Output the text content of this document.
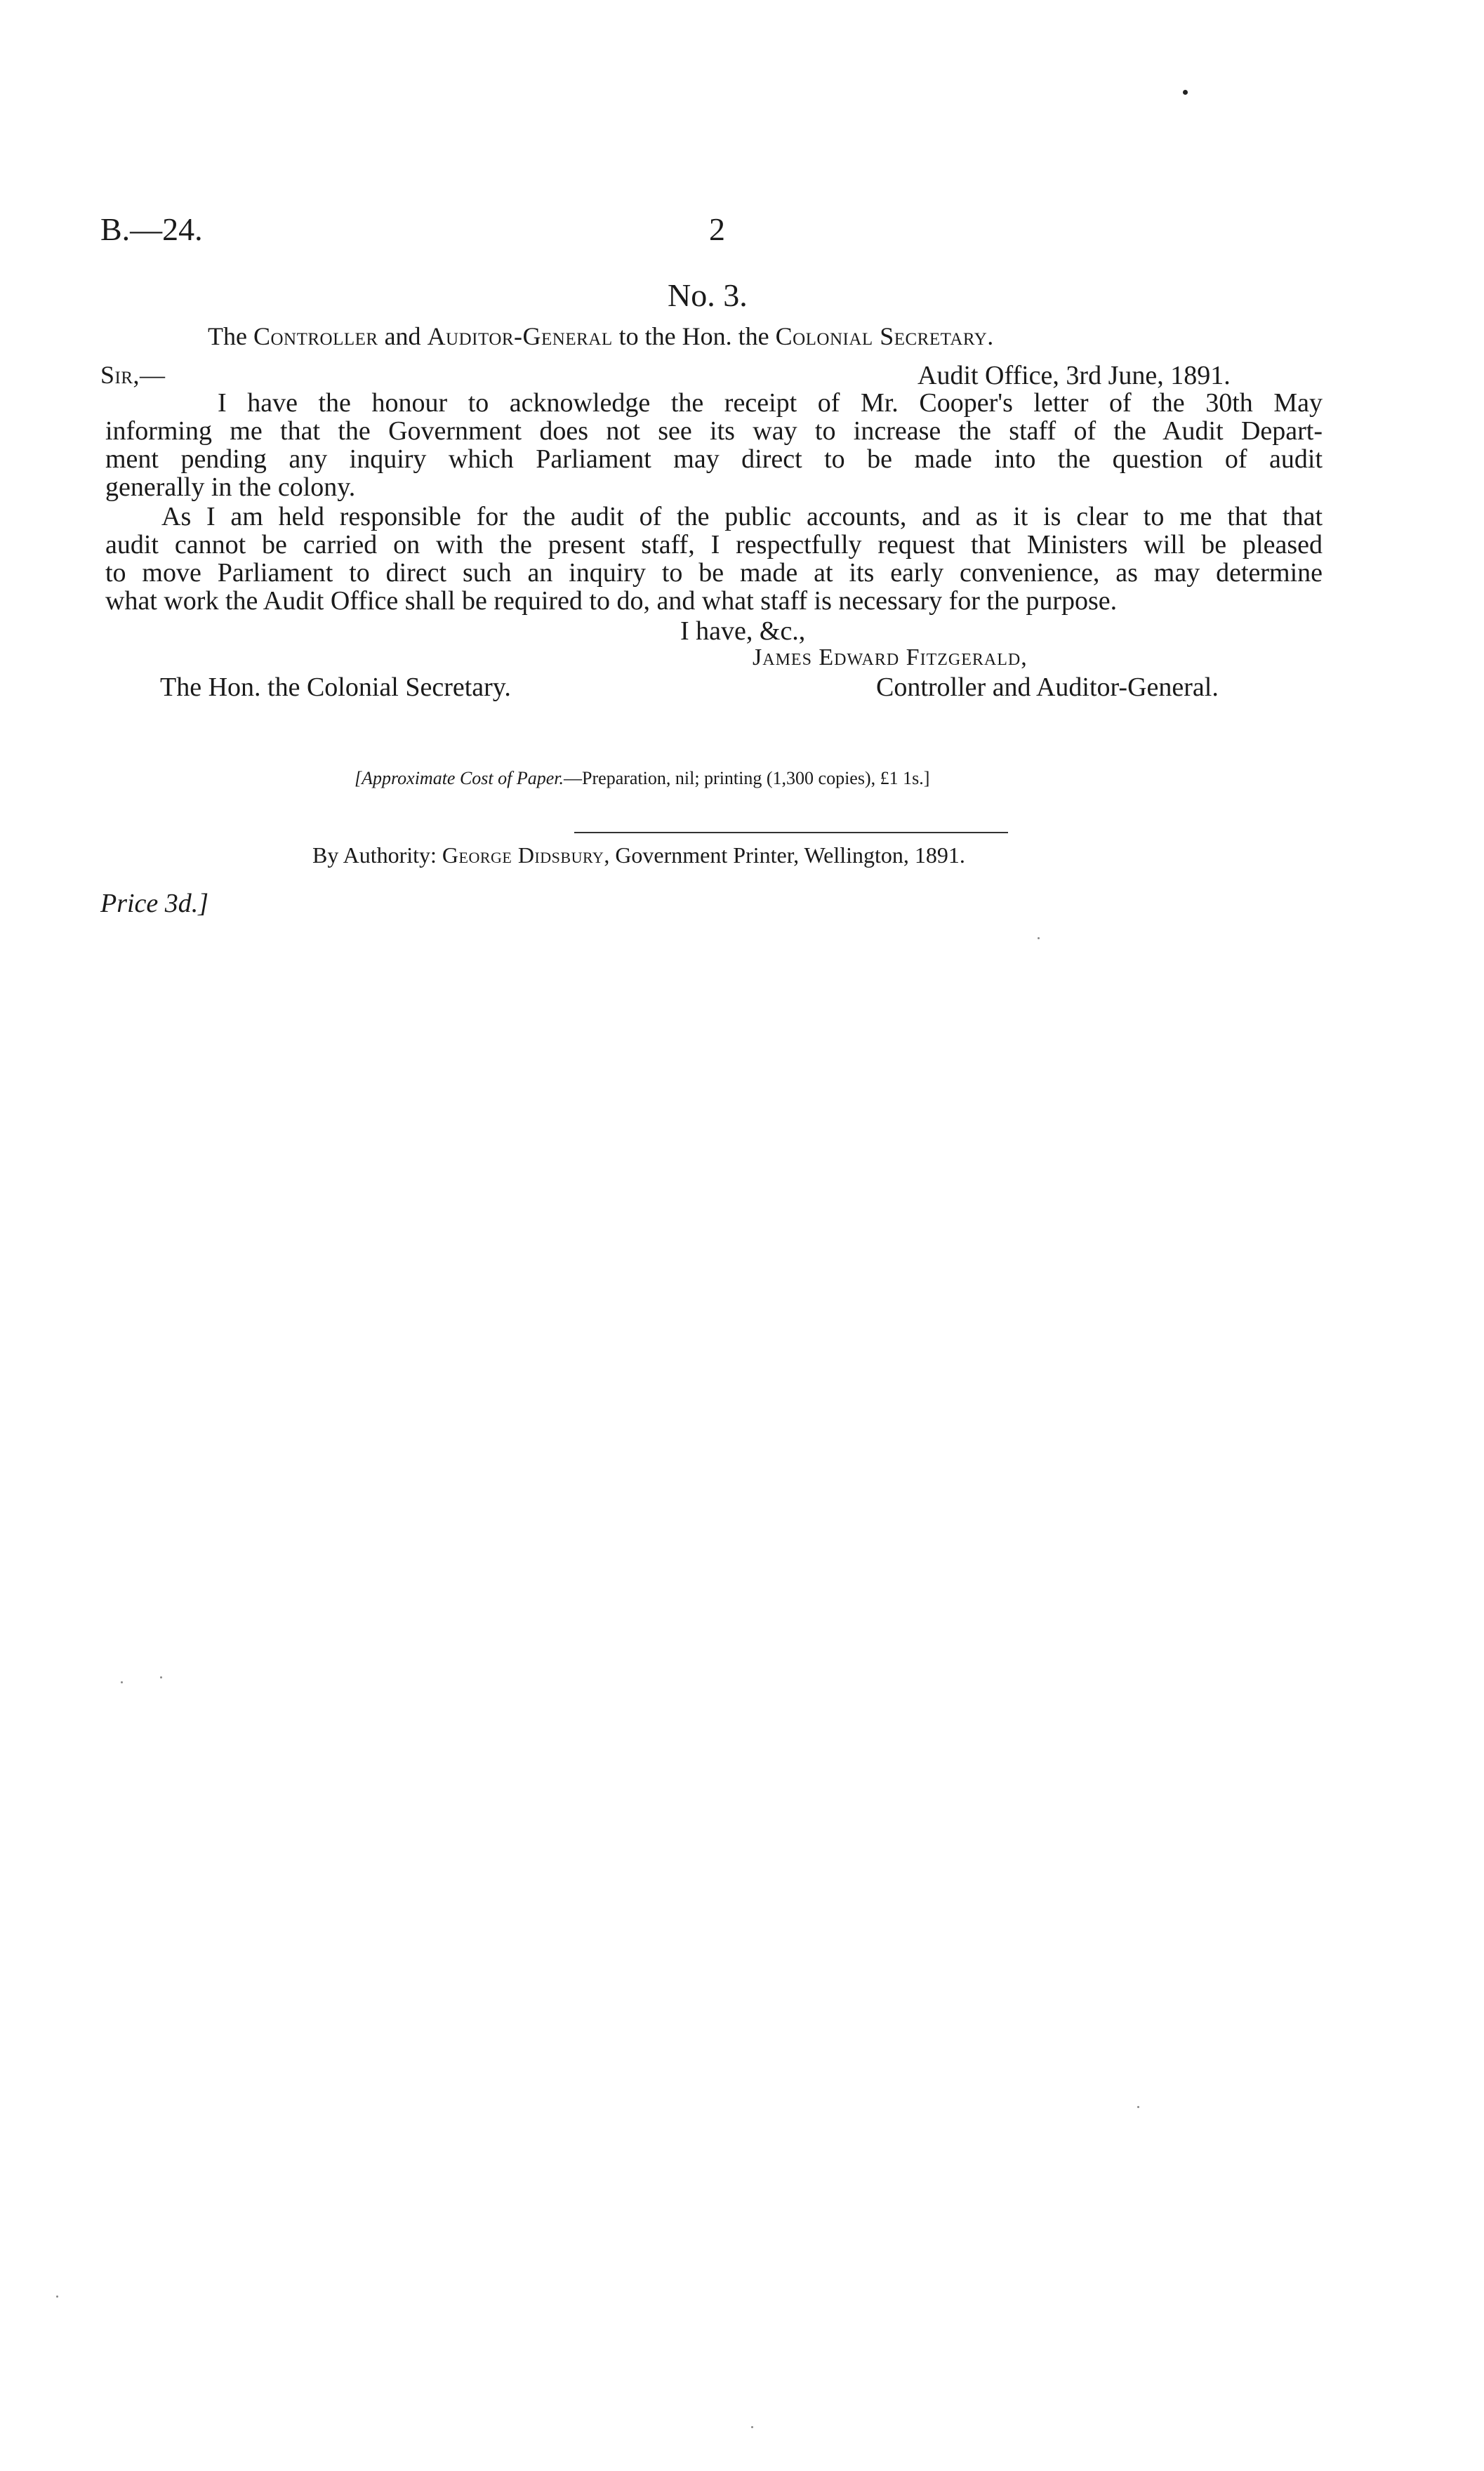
B.—24.	2
No. 3.
The Controller and Auditor-General to the Hon. the Colonial Secretary.
Sir,—	Audit Office, 3rd June, 1891.
I have the honour to acknowledge the receipt of Mr. Cooper's letter of the 30th May
informing me that the Government does not see its way to increase the staff of the Audit Depart-
ment pending any inquiry which Parliament may direct to be made into the question of audit
generally in the colony.
As I am held responsible for the audit of the public accounts, and as it is clear to me that that
audit cannot be carried on with the present staff, I respectfully request that Ministers will be pleased
to move Parliament to direct such an inquiry to be made at its early convenience, as may determine
what work the Audit Office shall be required to do, and what staff is necessary for the purpose.
I have, &c.,
James Edward Fitzgerald,
The Hon. the Colonial Secretary.	Controller and Auditor-General.
[Approximate Cost of Paper.—Preparation, nil; printing (1,300 copies), £1 1s.]
By Authority: George Didsbury, Government Printer, Wellington, 1891.
Price 3d.]
